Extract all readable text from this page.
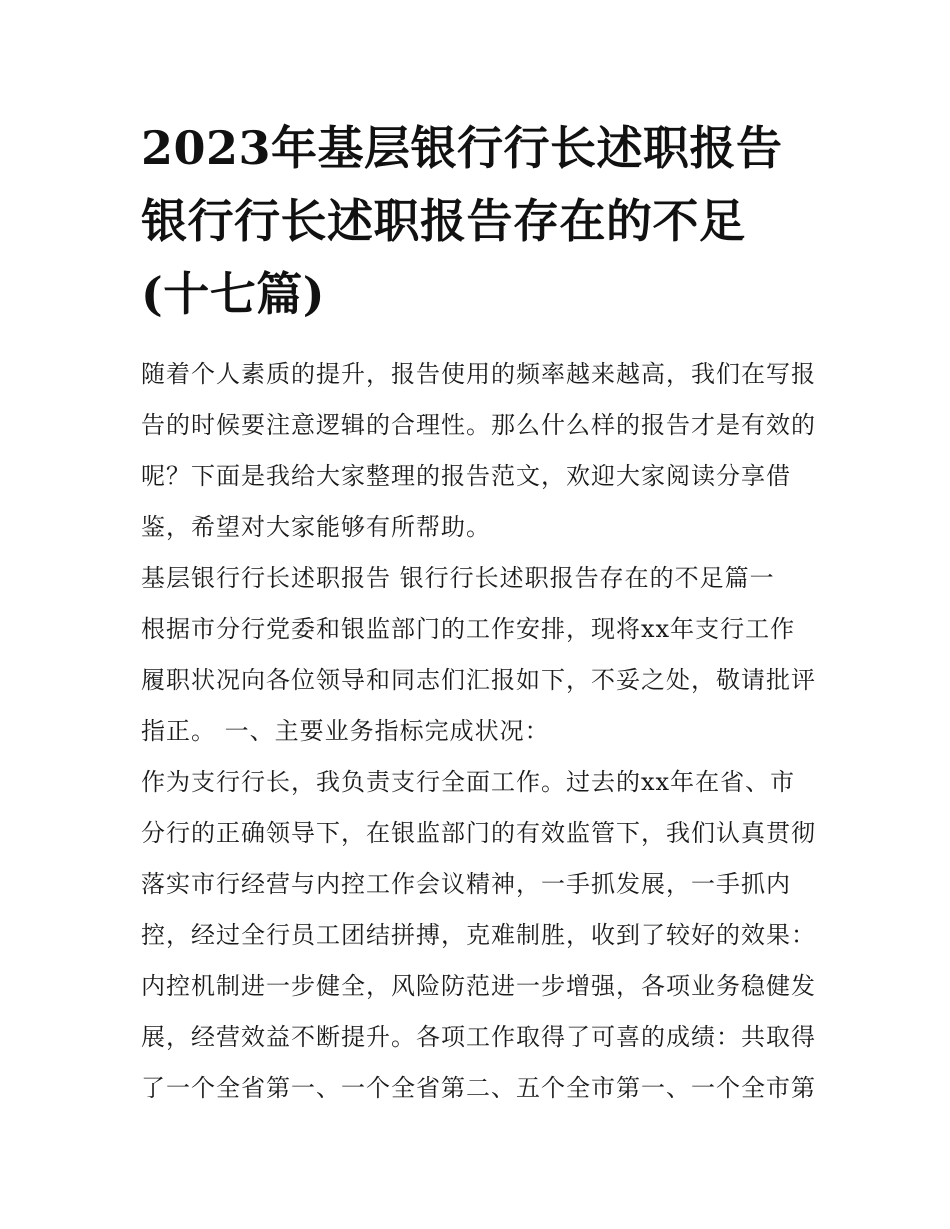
2023年基层银行行长述职报告
银行行长述职报告存在的不足
(十七篇)

随着个人素质的提升，报告使用的频率越来越高，我们在写报
告的时候要注意逻辑的合理性。那么什么样的报告才是有效的
呢？下面是我给大家整理的报告范文，欢迎大家阅读分享借
鉴，希望对大家能够有所帮助。

基层银行行长述职报告 银行行长述职报告存在的不足篇一

根据市分行党委和银监部门的工作安排，现将xx年支行工作
履职状况向各位领导和同志们汇报如下，不妥之处，敬请批评
指正。 一、主要业务指标完成状况：

作为支行行长，我负责支行全面工作。过去的xx年在省、市
分行的正确领导下，在银监部门的有效监管下，我们认真贯彻
落实市行经营与内控工作会议精神，一手抓发展，一手抓内
控，经过全行员工团结拼搏，克难制胜，收到了较好的效果：
内控机制进一步健全，风险防范进一步增强，各项业务稳健发
展，经营效益不断提升。各项工作取得了可喜的成绩：共取得
了一个全省第一、一个全省第二、五个全市第一、一个全市第
